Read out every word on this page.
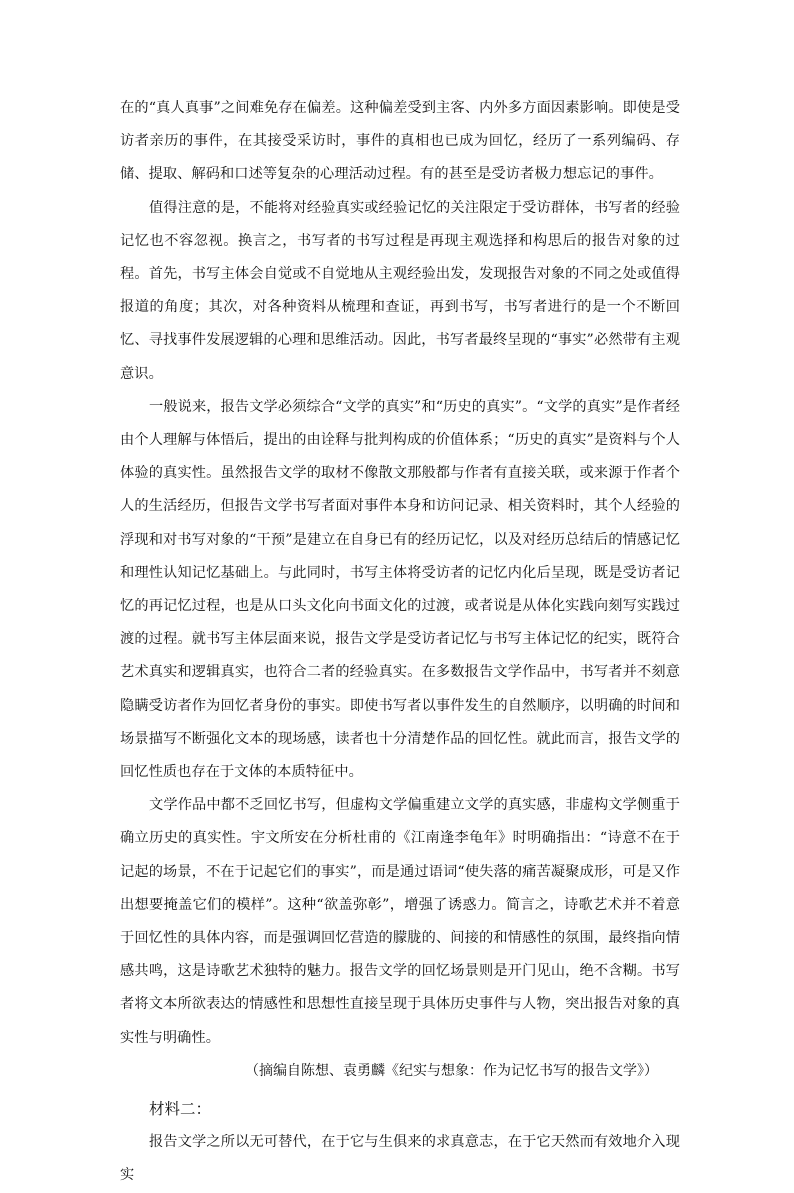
在的“真人真事”之间难免存在偏差。这种偏差受到主客、内外多方面因素影响。即使是受访者亲历的事件，在其接受采访时，事件的真相也已成为回忆，经历了一系列编码、存储、提取、解码和口述等复杂的心理活动过程。有的甚至是受访者极力想忘记的事件。

值得注意的是，不能将对经验真实或经验记忆的关注限定于受访群体，书写者的经验记忆也不容忽视。换言之，书写者的书写过程是再现主观选择和构思后的报告对象的过程。首先，书写主体会自觉或不自觉地从主观经验出发，发现报告对象的不同之处或值得报道的角度；其次，对各种资料从梳理和查证，再到书写，书写者进行的是一个不断回忆、寻找事件发展逻辑的心理和思维活动。因此，书写者最终呈现的“事实”必然带有主观意识。

一般说来，报告文学必须综合“文学的真实”和“历史的真实”。“文学的真实”是作者经由个人理解与体悟后，提出的由诠释与批判构成的价值体系；“历史的真实”是资料与个人体验的真实性。虽然报告文学的取材不像散文那般都与作者有直接关联，或来源于作者个人的生活经历，但报告文学书写者面对事件本身和访问记录、相关资料时，其个人经验的浮现和对书写对象的“干预”是建立在自身已有的经历记忆，以及对经历总结后的情感记忆和理性认知记忆基础上。与此同时，书写主体将受访者的记忆内化后呈现，既是受访者记忆的再记忆过程，也是从口头文化向书面文化的过渡，或者说是从体化实践向刻写实践过渡的过程。就书写主体层面来说，报告文学是受访者记忆与书写主体记忆的纪实，既符合艺术真实和逻辑真实，也符合二者的经验真实。在多数报告文学作品中，书写者并不刻意隐瞒受访者作为回忆者身份的事实。即使书写者以事件发生的自然顺序，以明确的时间和场景描写不断强化文本的现场感，读者也十分清楚作品的回忆性。就此而言，报告文学的回忆性质也存在于文体的本质特征中。

文学作品中都不乏回忆书写，但虚构文学偏重建立文学的真实感，非虚构文学侧重于确立历史的真实性。宇文所安在分析杜甫的《江南逢李龟年》时明确指出：“诗意不在于记起的场景，不在于记起它们的事实”，而是通过语词“使失落的痛苦凝聚成形，可是又作出想要掩盖它们的模样”。这种“欲盖弥彰”，增强了诱惑力。简言之，诗歌艺术并不着意于回忆性的具体内容，而是强调回忆营造的朦胧的、间接的和情感性的氛围，最终指向情感共鸣，这是诗歌艺术独特的魅力。报告文学的回忆场景则是开门见山，绝不含糊。书写者将文本所欲表达的情感性和思想性直接呈现于具体历史事件与人物，突出报告对象的真实性与明确性。

（摘编自陈想、袁勇麟《纪实与想象：作为记忆书写的报告文学》）

材料二：

报告文学之所以无可替代，在于它与生俱来的求真意志，在于它天然而有效地介入现实
